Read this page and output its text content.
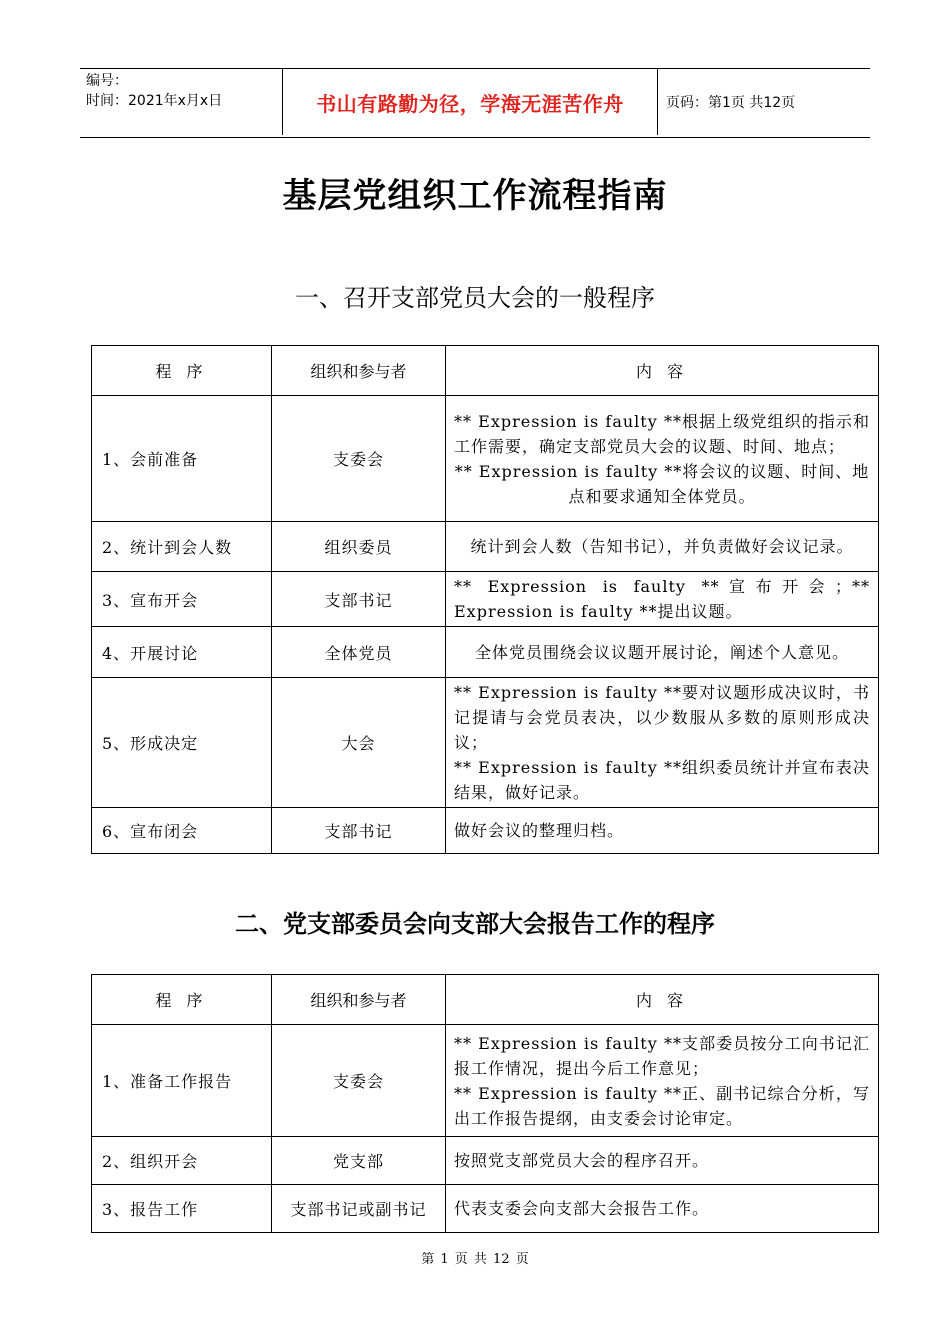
编号：
时间：2021年x月x日	书山有路勤为径，学海无涯苦作舟	页码：第1页 共12页
基层党组织工作流程指南
一、召开支部党员大会的一般程序
程 序	组织和参与者	内 容
1、会前准备	支委会	** Expression is faulty **根据上级党组织的指示和工作需要，确定支部党员大会的议题、时间、地点；
** Expression is faulty **将会议的议题、时间、地点和要求通知全体党员。

2、统计到会人数	组织委员	统计到会人数（告知书记），并负责做好会议记录。

3、宣布开会	支部书记	** Expression is faulty **宣布开会；** Expression is faulty **提出议题。

4、开展讨论	全体党员	全体党员围绕会议议题开展讨论，阐述个人意见。

5、形成决定	大会	** Expression is faulty **要对议题形成决议时，书记提请与会党员表决，以少数服从多数的原则形成决议；
** Expression is faulty **组织委员统计并宣布表决结果，做好记录。

6、宣布闭会	支部书记	做好会议的整理归档。
二、党支部委员会向支部大会报告工作的程序
程 序	组织和参与者	内 容
1、准备工作报告	支委会	** Expression is faulty **支部委员按分工向书记汇报工作情况，提出今后工作意见；
** Expression is faulty **正、副书记综合分析，写出工作报告提纲，由支委会讨论审定。

2、组织开会	党支部	按照党支部党员大会的程序召开。

3、报告工作	支部书记或副书记	代表支委会向支部大会报告工作。
第 1 页 共 12 页
